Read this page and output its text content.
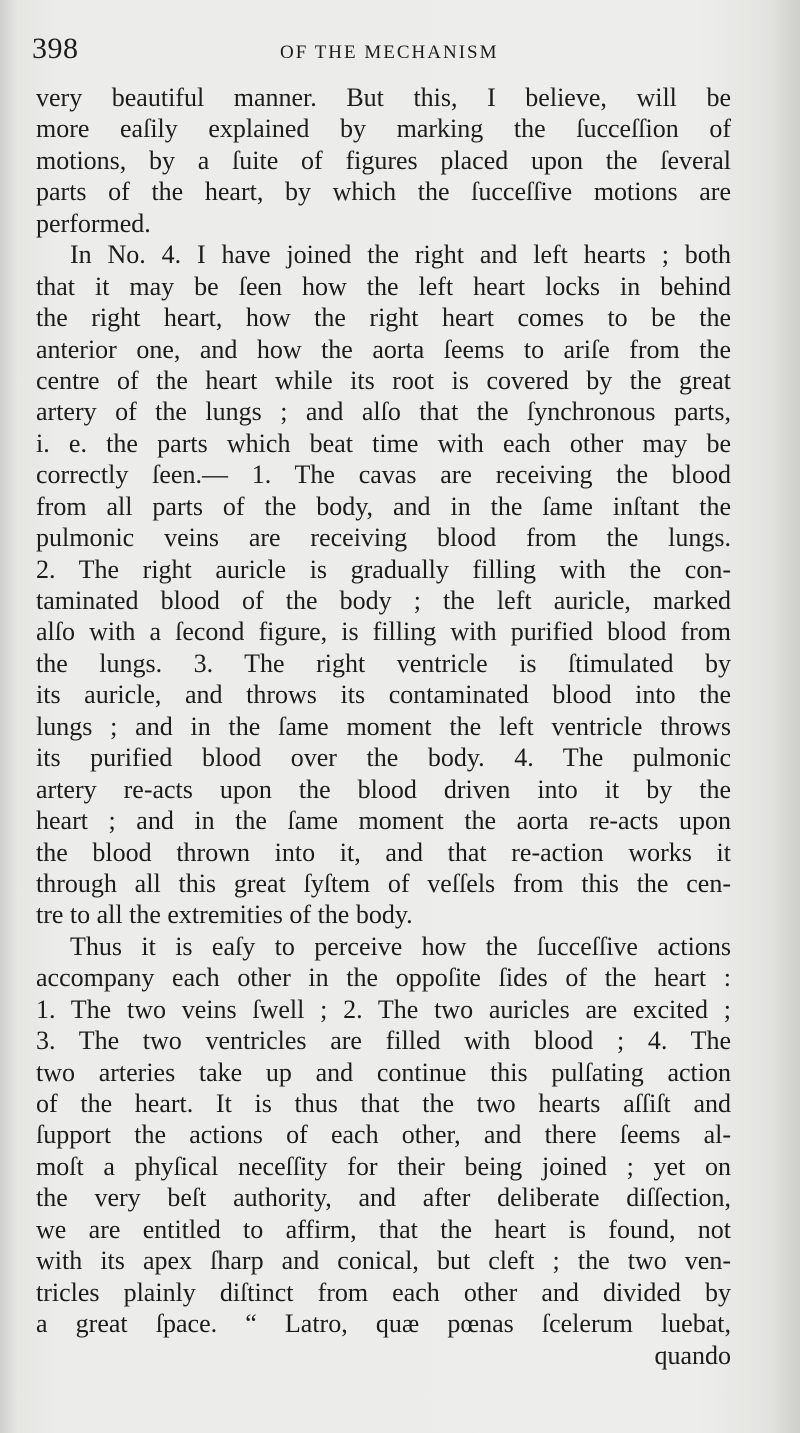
398	OF THE MECHANISM
very beautiful manner. But this, I believe, will be
more eaſily explained by marking the ſucceſſion of
motions, by a ſuite of figures placed upon the ſeveral
parts of the heart, by which the ſucceſſive motions are
performed.
In No. 4. I have joined the right and left hearts ; both
that it may be ſeen how the left heart locks in behind
the right heart, how the right heart comes to be the
anterior one, and how the aorta ſeems to ariſe from the
centre of the heart while its root is covered by the great
artery of the lungs ; and alſo that the ſynchronous parts,
i. e. the parts which beat time with each other may be
correctly ſeen.— 1. The cavas are receiving the blood
from all parts of the body, and in the ſame inſtant the
pulmonic veins are receiving blood from the lungs.
2. The right auricle is gradually filling with the con-
taminated blood of the body ; the left auricle, marked
alſo with a ſecond figure, is filling with purified blood from
the lungs. 3. The right ventricle is ſtimulated by
its auricle, and throws its contaminated blood into the
lungs ; and in the ſame moment the left ventricle throws
its purified blood over the body. 4. The pulmonic
artery re-acts upon the blood driven into it by the
heart ; and in the ſame moment the aorta re-acts upon
the blood thrown into it, and that re-action works it
through all this great ſyſtem of veſſels from this the cen-
tre to all the extremities of the body.
Thus it is eaſy to perceive how the ſucceſſive actions
accompany each other in the oppoſite ſides of the heart :
1. The two veins ſwell ; 2. The two auricles are excited ;
3. The two ventricles are filled with blood ; 4. The
two arteries take up and continue this pulſating action
of the heart. It is thus that the two hearts aſſiſt and
ſupport the actions of each other, and there ſeems al-
moſt a phyſical neceſſity for their being joined ; yet on
the very beſt authority, and after deliberate diſſection,
we are entitled to affirm, that the heart is found, not
with its apex ſharp and conical, but cleft ; the two ven-
tricles plainly diſtinct from each other and divided by
a great ſpace. “ Latro, quæ pœnas ſcelerum luebat,
quando
